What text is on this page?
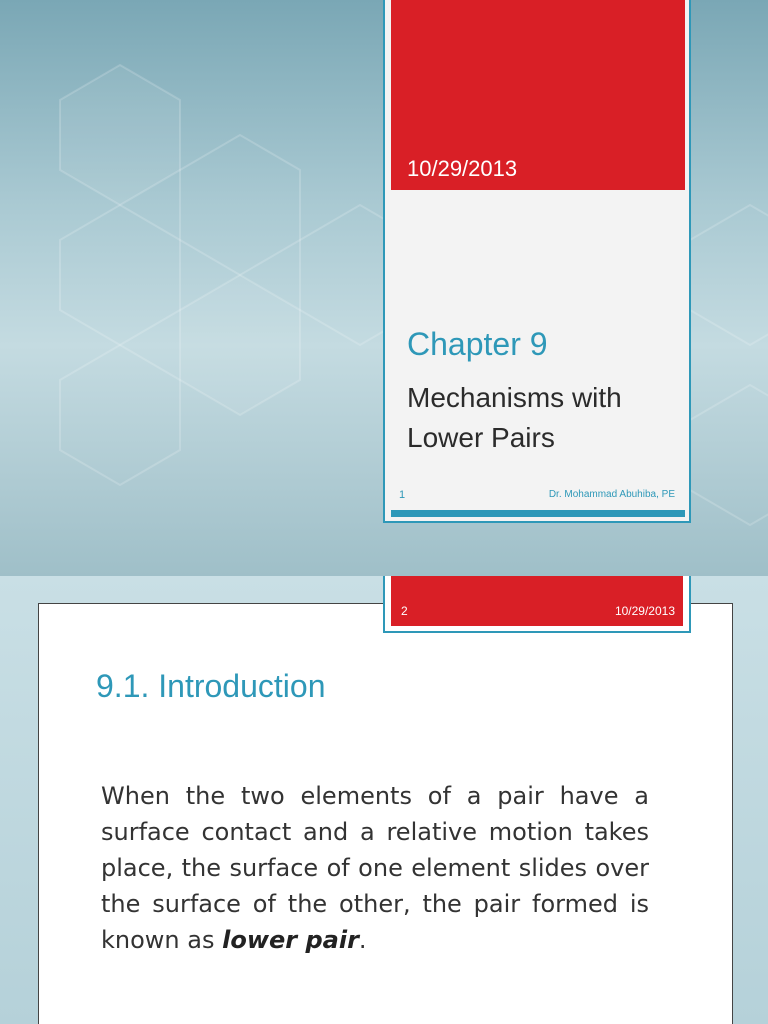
10/29/2013
Chapter 9
Mechanisms with Lower Pairs
1	Dr. Mohammad Abuhiba, PE
2	10/29/2013
9.1. Introduction
When the two elements of a pair have a surface contact and a relative motion takes place, the surface of one element slides over the surface of the other, the pair formed is known as lower pair.
